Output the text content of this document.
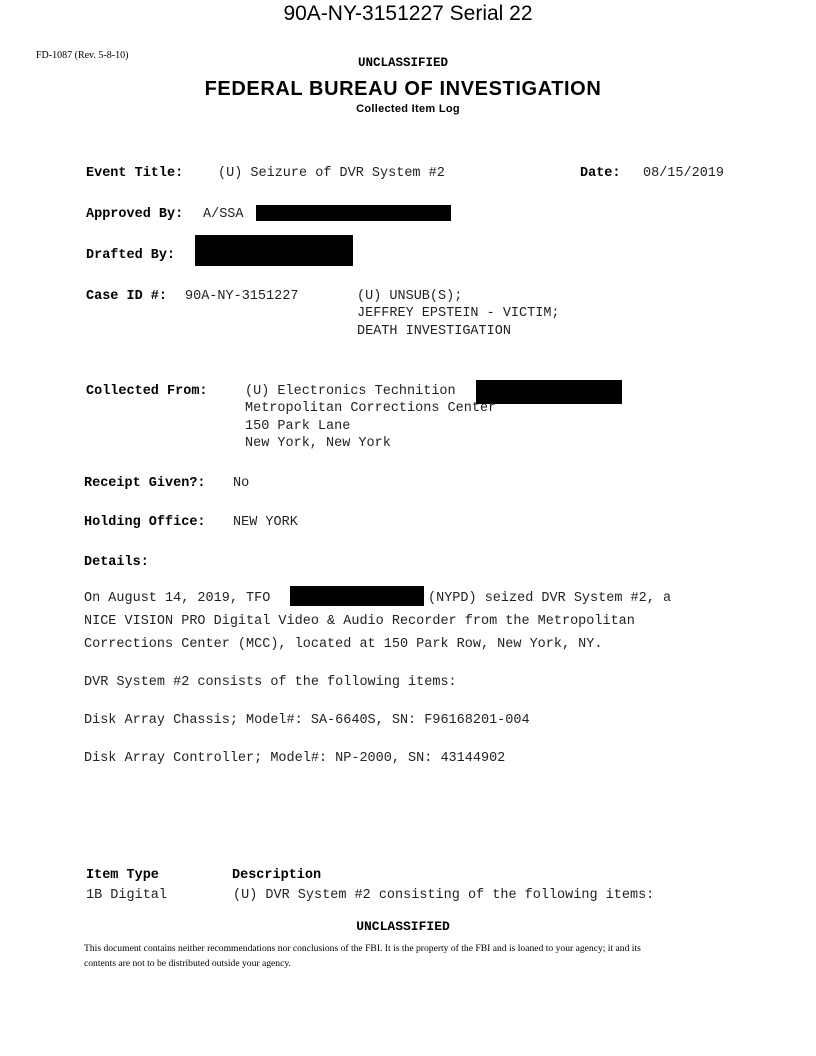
90A-NY-3151227 Serial 22
FD-1087 (Rev. 5-8-10)
UNCLASSIFIED
FEDERAL BUREAU OF INVESTIGATION
Collected Item Log
Event Title:	(U) Seizure of DVR System #2	Date: 08/15/2019
Approved By: A/SSA
Drafted By:
Case ID #: 90A-NY-3151227	(U) UNSUB(S);
JEFFREY EPSTEIN - VICTIM;
DEATH INVESTIGATION
Collected From:	(U) Electronics Technition
Metropolitan Corrections Center
150 Park Lane
New York, New York
Receipt Given?: No
Holding Office: NEW YORK
Details:
On August 14, 2019, TFO	(NYPD) seized DVR System #2, a
NICE VISION PRO Digital Video & Audio Recorder from the Metropolitan
Corrections Center (MCC), located at 150 Park Row, New York, NY.
DVR System #2 consists of the following items:
Disk Array Chassis; Model#: SA-6640S, SN: F96168201-004
Disk Array Controller; Model#: NP-2000, SN: 43144902
Item Type	Description
1B Digital	(U) DVR System #2 consisting of the following items:
UNCLASSIFIED
This document contains neither recommendations nor conclusions of the FBI. It is the property of the FBI and is loaned to your agency; it and its
contents are not to be distributed outside your agency.
